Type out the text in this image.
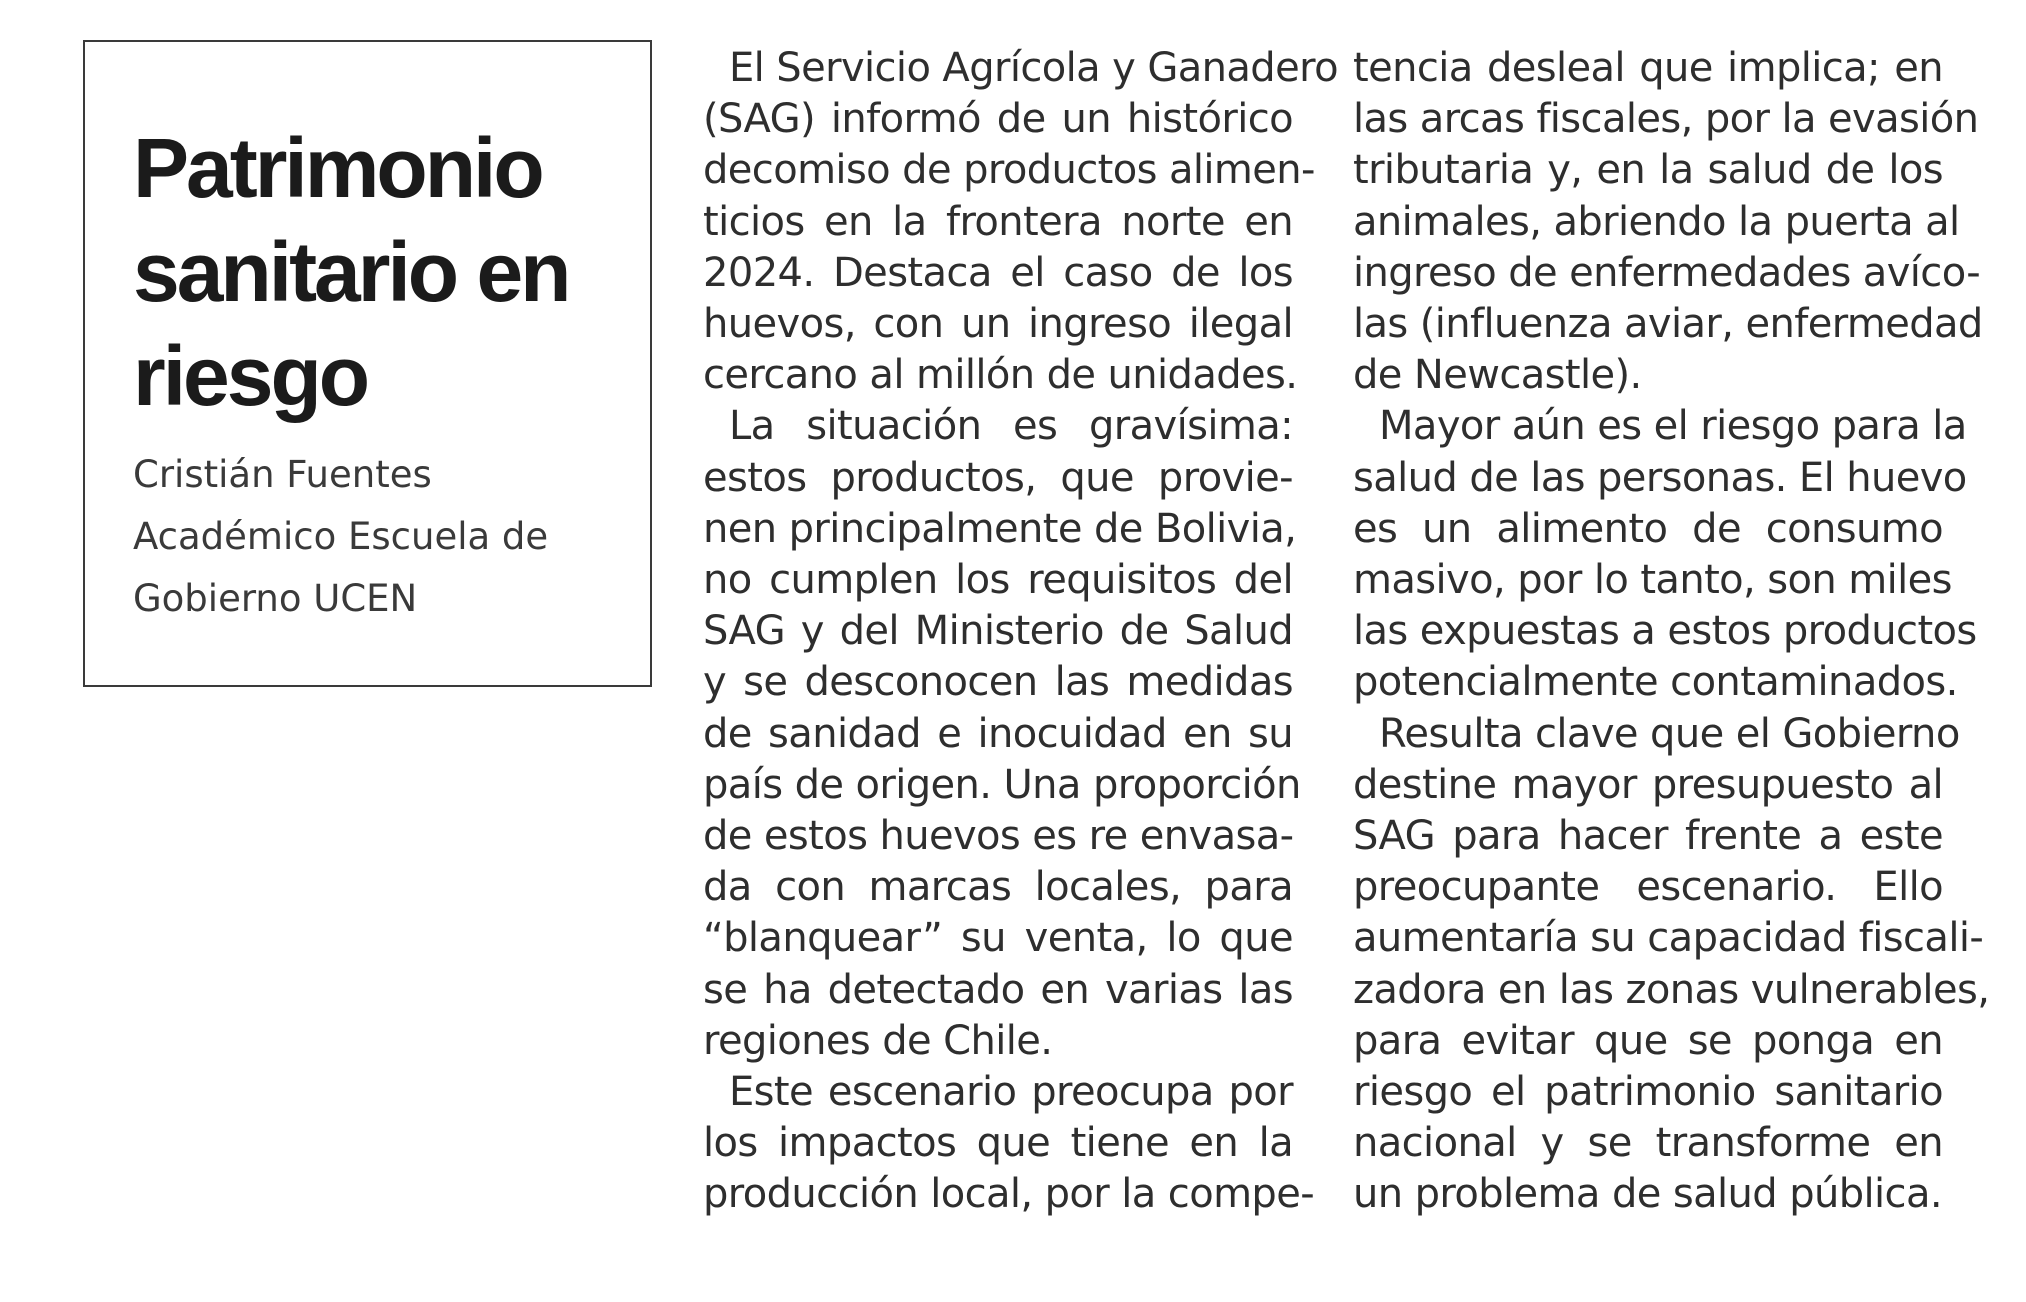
Patrimonio
sanitario en
riesgo
Cristián Fuentes
Académico Escuela de
Gobierno UCEN
El Servicio Agrícola y Ganadero
(SAG) informó de un histórico
decomiso de productos alimen-
ticios en la frontera norte en
2024. Destaca el caso de los
huevos, con un ingreso ilegal
cercano al millón de unidades.
La situación es gravísima:
estos productos, que provie-
nen principalmente de Bolivia,
no cumplen los requisitos del
SAG y del Ministerio de Salud
y se desconocen las medidas
de sanidad e inocuidad en su
país de origen. Una proporción
de estos huevos es re envasa-
da con marcas locales, para
“blanquear” su venta, lo que
se ha detectado en varias las
regiones de Chile.
Este escenario preocupa por
los impactos que tiene en la
producción local, por la compe-
tencia desleal que implica; en
las arcas fiscales, por la evasión
tributaria y, en la salud de los
animales, abriendo la puerta al
ingreso de enfermedades avíco-
las (influenza aviar, enfermedad
de Newcastle).
Mayor aún es el riesgo para la
salud de las personas. El huevo
es un alimento de consumo
masivo, por lo tanto, son miles
las expuestas a estos productos
potencialmente contaminados.
Resulta clave que el Gobierno
destine mayor presupuesto al
SAG para hacer frente a este
preocupante escenario. Ello
aumentaría su capacidad fiscali-
zadora en las zonas vulnerables,
para evitar que se ponga en
riesgo el patrimonio sanitario
nacional y se transforme en
un problema de salud pública.
